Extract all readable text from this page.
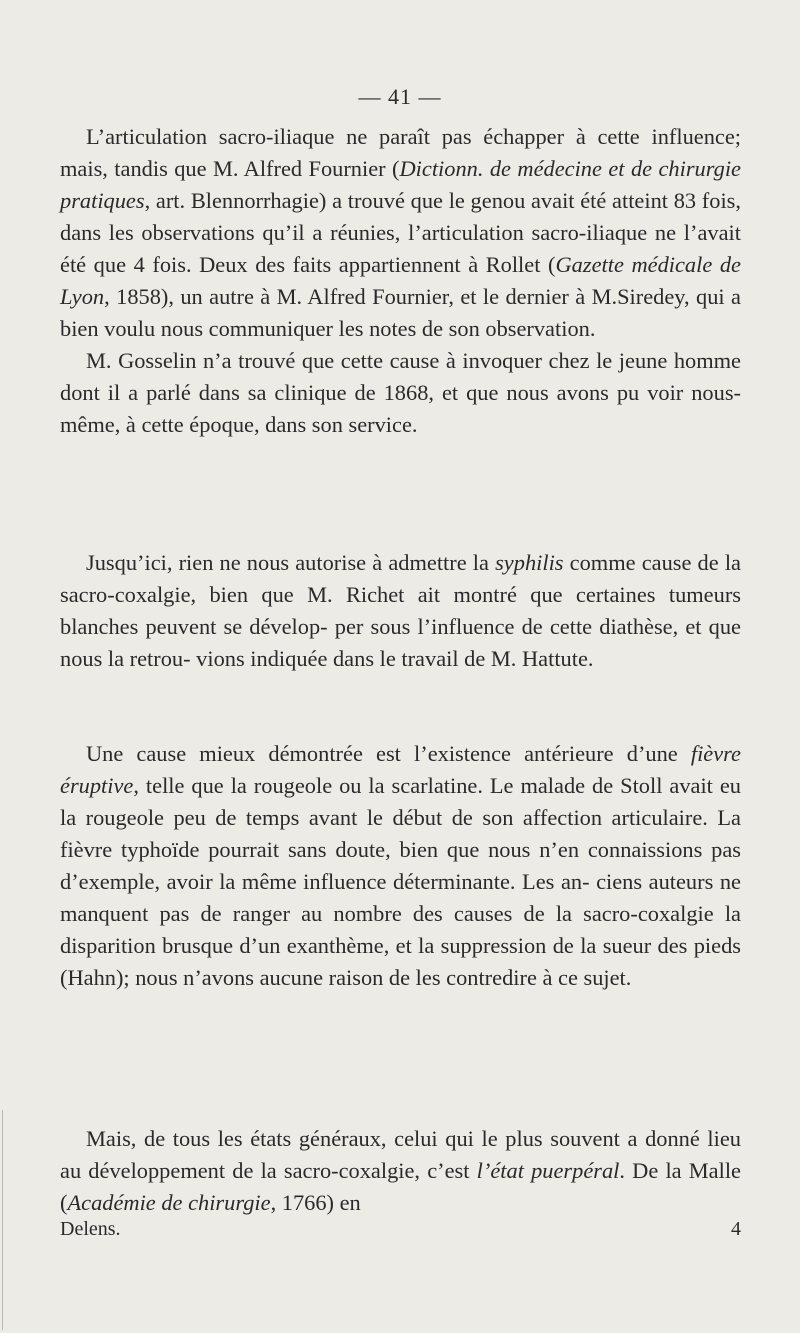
— 41 —

L’articulation sacro-iliaque ne paraît pas échapper à cette influence; mais, tandis que M. Alfred Fournier (Dictionn. de médecine et de chirurgie pratiques, art. Blennorrhagie) a trouvé que le genou avait été atteint 83 fois, dans les observations qu’il a réunies, l’articulation sacro-iliaque ne l’avait été que 4 fois. Deux des faits appartiennent à Rollet (Gazette médicale de Lyon, 1858), un autre à M. Alfred Fournier, et le dernier à M.Siredey, qui a bien voulu nous communiquer les notes de son observation.

M. Gosselin n’a trouvé que cette cause à invoquer chez le jeune homme dont il a parlé dans sa clinique de 1868, et que nous avons pu voir nous-même, à cette époque, dans son service.

Jusqu’ici, rien ne nous autorise à admettre la syphilis comme cause de la sacro-coxalgie, bien que M. Richet ait montré que certaines tumeurs blanches peuvent se dévelop- per sous l’influence de cette diathèse, et que nous la retrou- vions indiquée dans le travail de M. Hattute.

Une cause mieux démontrée est l’existence antérieure d’une fièvre éruptive, telle que la rougeole ou la scarlatine. Le malade de Stoll avait eu la rougeole peu de temps avant le début de son affection articulaire. La fièvre typhoïde pourrait sans doute, bien que nous n’en connaissions pas d’exemple, avoir la même influence déterminante. Les an- ciens auteurs ne manquent pas de ranger au nombre des causes de la sacro-coxalgie la disparition brusque d’un exanthème, et la suppression de la sueur des pieds (Hahn); nous n’avons aucune raison de les contredire à ce sujet.

Mais, de tous les états généraux, celui qui le plus souvent a donné lieu au développement de la sacro-coxalgie, c’est l’état puerpéral. De la Malle (Académie de chirurgie, 1766) en

Delens.	4
